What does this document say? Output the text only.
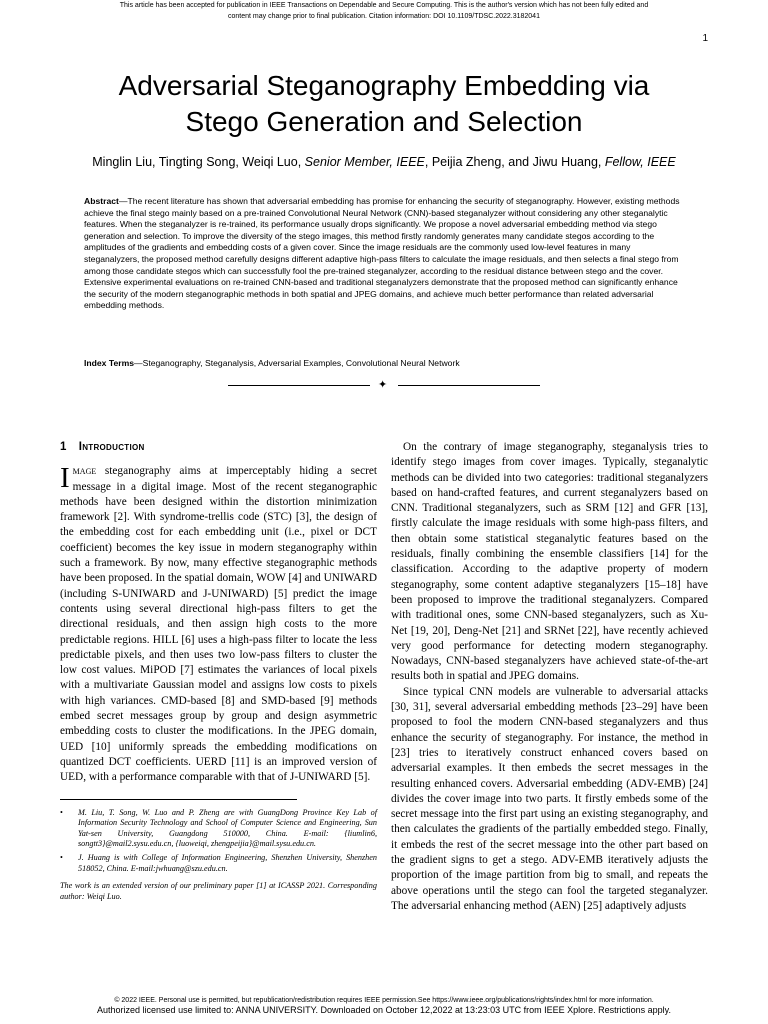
This article has been accepted for publication in IEEE Transactions on Dependable and Secure Computing. This is the author's version which has not been fully edited and
content may change prior to final publication. Citation information: DOI 10.1109/TDSC.2022.3182041
1
Adversarial Steganography Embedding via
Stego Generation and Selection
Minglin Liu, Tingting Song, Weiqi Luo, Senior Member, IEEE, Peijia Zheng, and Jiwu Huang, Fellow, IEEE
Abstract—The recent literature has shown that adversarial embedding has promise for enhancing the security of steganography. However, existing methods achieve the final stego mainly based on a pre-trained Convolutional Neural Network (CNN)-based steganalyzer without considering any other steganalytic features. When the steganalyzer is re-trained, its performance usually drops significantly. We propose a novel adversarial embedding method via stego generation and selection. To improve the diversity of the stego images, this method firstly randomly generates many candidate stegos according to the amplitudes of the gradients and embedding costs of a given cover. Since the image residuals are the commonly used low-level features in many steganalyzers, the proposed method carefully designs different adaptive high-pass filters to calculate the image residuals, and then selects a final stego from among those candidate stegos which can successfully fool the pre-trained steganalyzer, according to the residual distance between stego and the cover. Extensive experimental evaluations on re-trained CNN-based and traditional steganalyzers demonstrate that the proposed method can significantly enhance the security of the modern steganographic methods in both spatial and JPEG domains, and achieve much better performance than related adversarial embedding methods.
Index Terms—Steganography, Steganalysis, Adversarial Examples, Convolutional Neural Network
✦
1 Introduction

Image steganography aims at imperceptably hiding a secret message in a digital image. Most of the recent steganographic methods have been designed within the distortion minimization framework [2]. With syndrome-trellis code (STC) [3], the design of the embedding cost for each embedding unit (i.e., pixel or DCT coefficient) becomes the key issue in modern steganography within such a framework. By now, many effective steganographic methods have been proposed. In the spatial domain, WOW [4] and UNIWARD (including S-UNIWARD and J-UNIWARD) [5] predict the image contents using several directional high-pass filters to get the directional residuals, and then assign high costs to the more predictable regions. HILL [6] uses a high-pass filter to locate the less predictable pixels, and then uses two low-pass filters to cluster the low cost values. MiPOD [7] estimates the variances of local pixels with a multivariate Gaussian model and assigns low costs to pixels with high variances. CMD-based [8] and SMD-based [9] methods embed secret messages group by group and design asymmetric embedding costs to cluster the modifications. In the JPEG domain, UED [10] uniformly spreads the embedding modifications on quantized DCT coefficients. UERD [11] is an improved version of UED, with a performance comparable with that of J-UNIWARD [5].

• M. Liu, T. Song, W. Luo and P. Zheng are with GuangDong Province Key Lab of Information Security Technology and School of Computer Science and Engineering, Sun Yat-sen University, Guangdong 510000, China. E-mail: {liumlin6, songtt3}@mail2.sysu.edu.cn, {luoweiqi, zhengpeijia}@mail.sysu.edu.cn.
• J. Huang is with College of Information Engineering, Shenzhen University, Shenzhen 518052, China. E-mail:jwhuang@szu.edu.cn.
The work is an extended version of our preliminary paper [1] at ICASSP 2021. Corresponding author: Weiqi Luo.

On the contrary of image steganography, steganalysis tries to identify stego images from cover images. Typically, steganalytic methods can be divided into two categories: traditional steganalyzers based on hand-crafted features, and current steganalyzers based on CNN. Traditional steganalyzers, such as SRM [12] and GFR [13], firstly calculate the image residuals with some high-pass filters, and then obtain some statistical steganalytic features based on the residuals, finally combining the ensemble classifiers [14] for the classification. According to the adaptive property of modern steganography, some content adaptive steganalyzers [15–18] have been proposed to improve the traditional steganalyzers. Compared with traditional ones, some CNN-based steganalyzers, such as Xu-Net [19, 20], Deng-Net [21] and SRNet [22], have recently achieved very good performance for detecting modern steganography. Nowadays, CNN-based steganalyzers have achieved state-of-the-art results both in spatial and JPEG domains.

Since typical CNN models are vulnerable to adversarial attacks [30, 31], several adversarial embedding methods [23–29] have been proposed to fool the modern CNN-based steganalyzers and thus enhance the security of steganography. For instance, the method in [23] tries to iteratively construct enhanced covers based on adversarial examples. It then embeds the secret messages in the resulting enhanced covers. Adversarial embedding (ADV-EMB) [24] divides the cover image into two parts. It firstly embeds some of the secret message into the first part using an existing steganography, and then calculates the gradients of the partially embedded stego. Finally, it embeds the rest of the secret message into the other part based on the gradient signs to get a stego. ADV-EMB iteratively adjusts the proportion of the image partition from big to small, and repeats the above operations until the stego can fool the targeted steganalyzer. The adversarial enhancing method (AEN) [25] adaptively adjusts

© 2022 IEEE. Personal use is permitted, but republication/redistribution requires IEEE permission.See https://www.ieee.org/publications/rights/index.html for more information.
Authorized licensed use limited to: ANNA UNIVERSITY. Downloaded on October 12,2022 at 13:23:03 UTC from IEEE Xplore. Restrictions apply.
